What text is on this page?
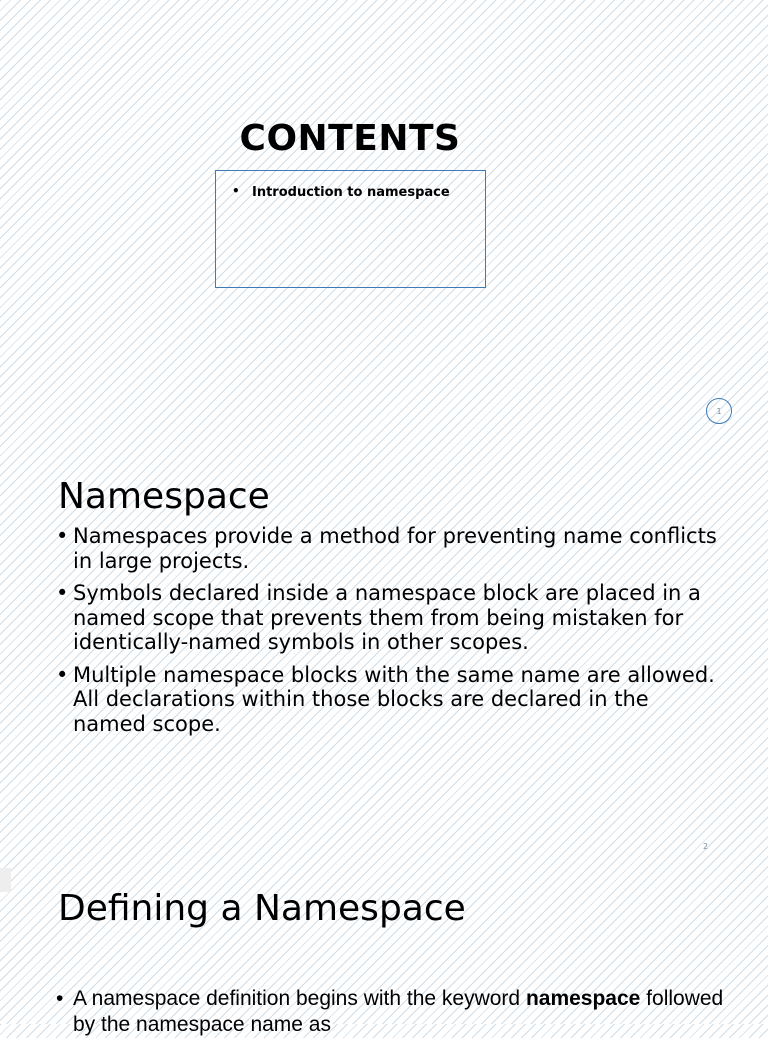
CONTENTS
• Introduction to namespace
1
Namespace
• Namespaces provide a method for preventing name conflicts in large projects.
• Symbols declared inside a namespace block are placed in a named scope that prevents them from being mistaken for identically-named symbols in other scopes.
• Multiple namespace blocks with the same name are allowed. All declarations within those blocks are declared in the named scope.
2
Defining a Namespace
• A namespace definition begins with the keyword namespace followed by the namespace name as
